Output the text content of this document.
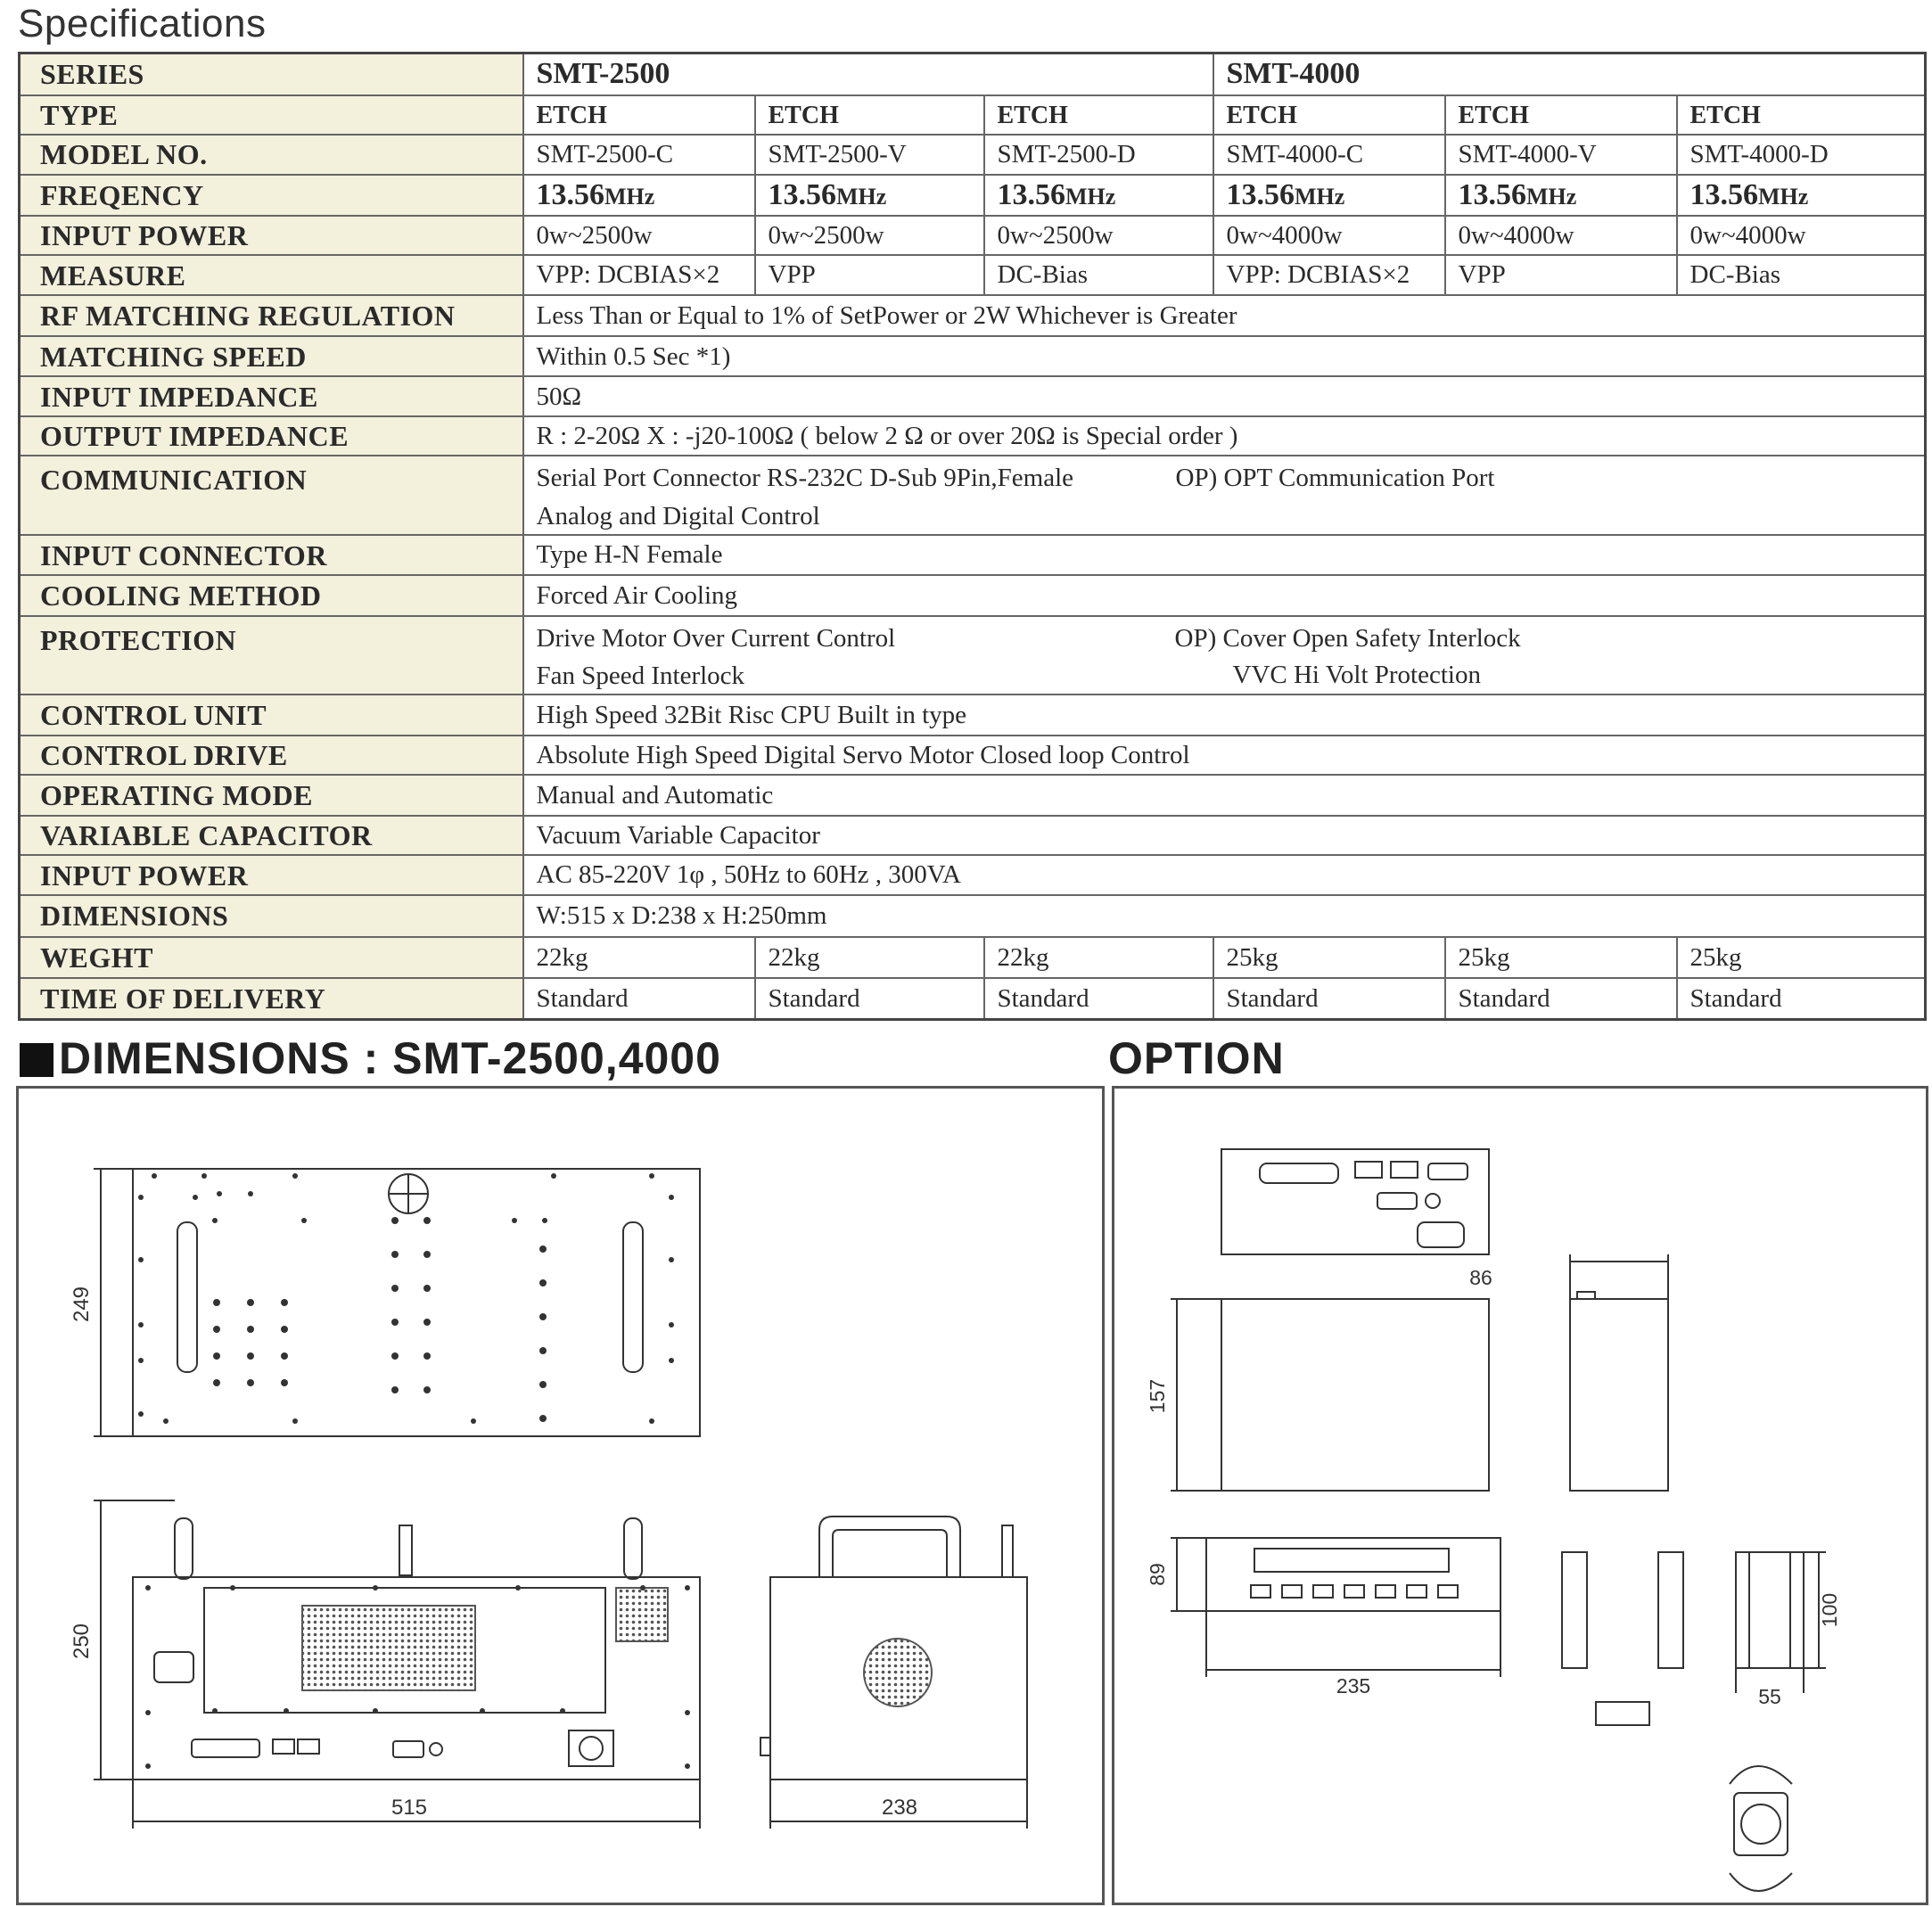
Specifications
SERIES	SMT-2500			SMT-4000		
TYPE	ETCH	ETCH	ETCH	ETCH	ETCH	ETCH
MODEL NO.	SMT-2500-C	SMT-2500-V	SMT-2500-D	SMT-4000-C	SMT-4000-V	SMT-4000-D
FREQENCY	13.56MHz	13.56MHz	13.56MHz	13.56MHz	13.56MHz	13.56MHz
INPUT POWER	0w~2500w	0w~2500w	0w~2500w	0w~4000w	0w~4000w	0w~4000w
MEASURE	VPP: DCBIAS×2	VPP	DC-Bias	VPP: DCBIAS×2	VPP	DC-Bias
RF MATCHING REGULATION	Less Than or Equal to 1% of SetPower or 2W Whichever is Greater					
MATCHING SPEED	Within 0.5 Sec *1)					
INPUT IMPEDANCE	50Ω					
OUTPUT IMPEDANCE	R : 2-20Ω X : -j20-100Ω ( below 2 Ω or over 20Ω is Special order )					
COMMUNICATION	Serial Port Connector RS-232C D-Sub 9Pin,Female OP) OPT Communication Port
Analog and Digital Control					

INPUT CONNECTOR	Type H-N Female					
COOLING METHOD	Forced Air Cooling					
PROTECTION	Drive Motor Over Current Control OP) Cover Open Safety Interlock
Fan Speed Interlock VVC Hi Volt Protection					

CONTROL UNIT	High Speed 32Bit Risc CPU Built in type					
CONTROL DRIVE	Absolute High Speed Digital Servo Motor Closed loop Control					
OPERATING MODE	Manual and Automatic					
VARIABLE CAPACITOR	Vacuum Variable Capacitor					
INPUT POWER	AC 85-220V 1φ , 50Hz to 60Hz , 300VA					
DIMENSIONS	W:515 x D:238 x H:250mm					
WEGHT	22kg	22kg	22kg	25kg	25kg	25kg
TIME OF DELIVERY	Standard	Standard	Standard	Standard	Standard	Standard
DIMENSIONS : SMT-2500,4000	OPTION
249
250
515	238
86
157
89
235
100
55
